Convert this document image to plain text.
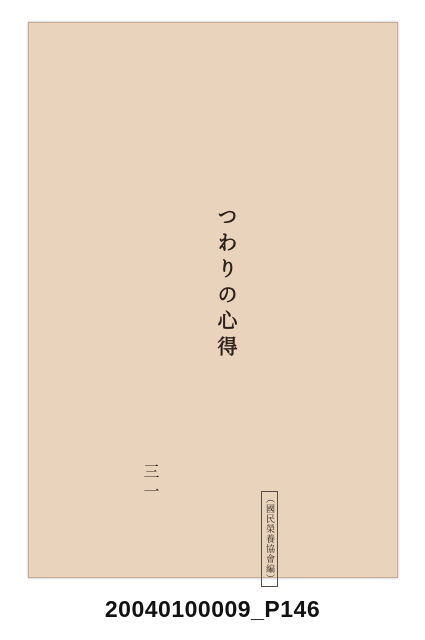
つわりの心得
（國民榮養協會編）
三一
20040100009_P146
